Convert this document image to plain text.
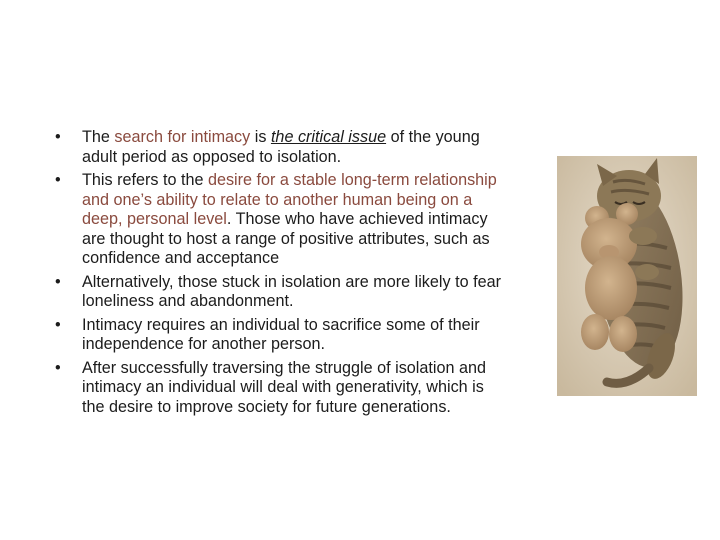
• The search for intimacy is the critical issue of the young adult period as opposed to isolation.
• This refers to the desire for a stable long-term relationship and one’s ability to relate to another human being on a deep, personal level. Those who have achieved intimacy are thought to host a range of positive attributes, such as confidence and acceptance
• Alternatively, those stuck in isolation are more likely to fear loneliness and abandonment.
• Intimacy requires an individual to sacrifice some of their independence for another person.
• After successfully traversing the struggle of isolation and intimacy an individual will deal with generativity, which is the desire to improve society for future generations.
